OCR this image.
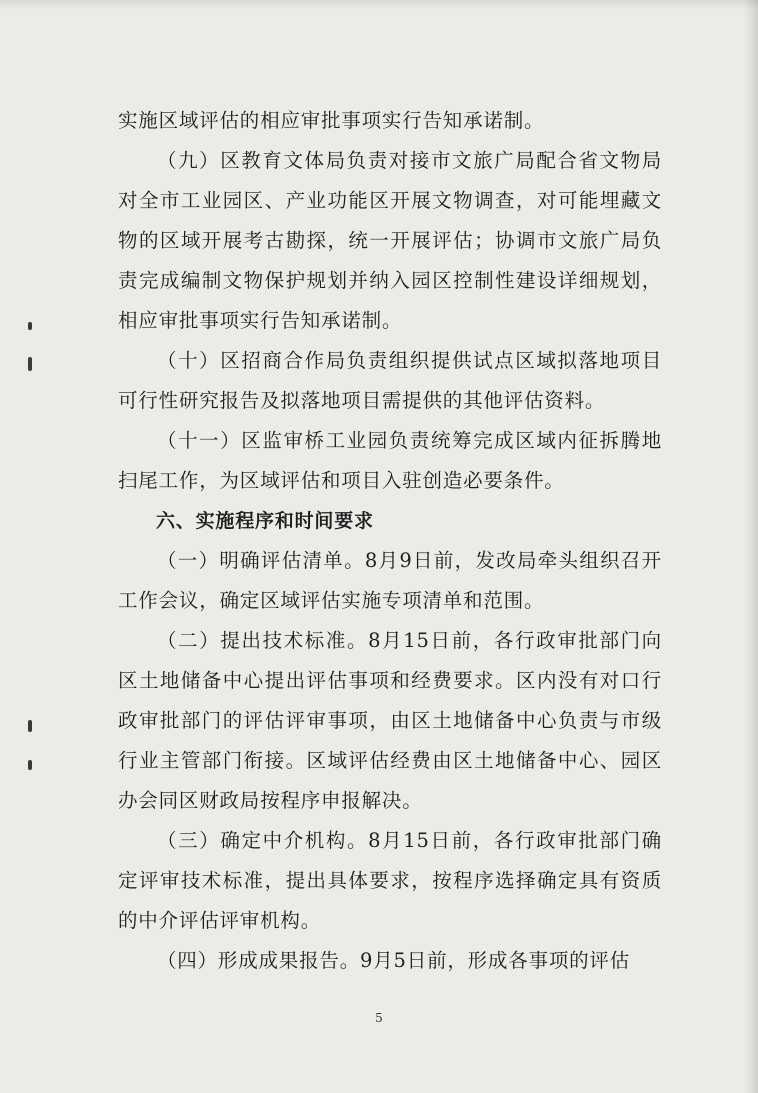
实施区域评估的相应审批事项实行告知承诺制。

（九）区教育文体局负责对接市文旅广局配合省文物局对全市工业园区、产业功能区开展文物调查，对可能埋藏文物的区域开展考古勘探，统一开展评估；协调市文旅广局负责完成编制文物保护规划并纳入园区控制性建设详细规划，相应审批事项实行告知承诺制。

（十）区招商合作局负责组织提供试点区域拟落地项目可行性研究报告及拟落地项目需提供的其他评估资料。

（十一）区监审桥工业园负责统筹完成区域内征拆腾地扫尾工作，为区域评估和项目入驻创造必要条件。

六、实施程序和时间要求

（一）明确评估清单。8月9日前，发改局牵头组织召开工作会议，确定区域评估实施专项清单和范围。

（二）提出技术标准。8月15日前，各行政审批部门向区土地储备中心提出评估事项和经费要求。区内没有对口行政审批部门的评估评审事项，由区土地储备中心负责与市级行业主管部门衔接。区域评估经费由区土地储备中心、园区办会同区财政局按程序申报解决。

（三）确定中介机构。8月15日前，各行政审批部门确定评审技术标准，提出具体要求，按程序选择确定具有资质的中介评估评审机构。

（四）形成成果报告。9月5日前，形成各事项的评估

5
